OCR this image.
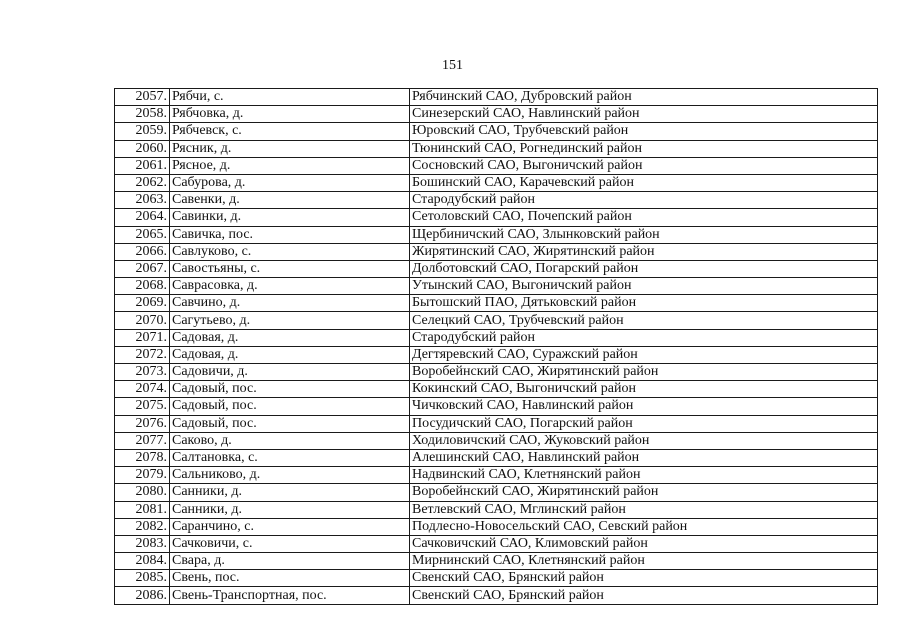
151
2057.	Рябчи, с.	Рябчинский САО, Дубровский район
2058.	Рябчовка, д.	Синезерский САО, Навлинский район
2059.	Рябчевск, с.	Юровский САО, Трубчевский район
2060.	Рясник, д.	Тюнинский САО, Рогнединский район
2061.	Рясное, д.	Сосновский САО, Выгоничский район
2062.	Сабурова, д.	Бошинский САО, Карачевский район
2063.	Савенки, д.	Стародубский район
2064.	Савинки, д.	Сетоловский САО, Почепский район
2065.	Савичка, пос.	Щербиничский САО, Злынковский район
2066.	Савлуково, с.	Жирятинский САО, Жирятинский район
2067.	Савостьяны, с.	Долботовский САО, Погарский район
2068.	Саврасовка, д.	Утынский САО, Выгоничский район
2069.	Савчино, д.	Бытошский ПАО, Дятьковский район
2070.	Сагутьево, д.	Селецкий САО, Трубчевский район
2071.	Садовая, д.	Стародубский район
2072.	Садовая, д.	Дегтяревский САО, Суражский район
2073.	Садовичи, д.	Воробейнский САО, Жирятинский район
2074.	Садовый, пос.	Кокинский САО, Выгоничский район
2075.	Садовый, пос.	Чичковский САО, Навлинский район
2076.	Садовый, пос.	Посудичский САО, Погарский район
2077.	Саково, д.	Ходиловичский САО, Жуковский район
2078.	Салтановка, с.	Алешинский САО, Навлинский район
2079.	Сальниково, д.	Надвинский САО, Клетнянский район
2080.	Санники, д.	Воробейнский САО, Жирятинский район
2081.	Санники, д.	Ветлевский САО, Мглинский район
2082.	Саранчино, с.	Подлесно-Новосельский САО, Севский район
2083.	Сачковичи, с.	Сачковичский САО, Климовский район
2084.	Свара, д.	Мирнинский САО, Клетнянский район
2085.	Свень, пос.	Свенский САО, Брянский район
2086.	Свень-Транспортная, пос.	Свенский САО, Брянский район
